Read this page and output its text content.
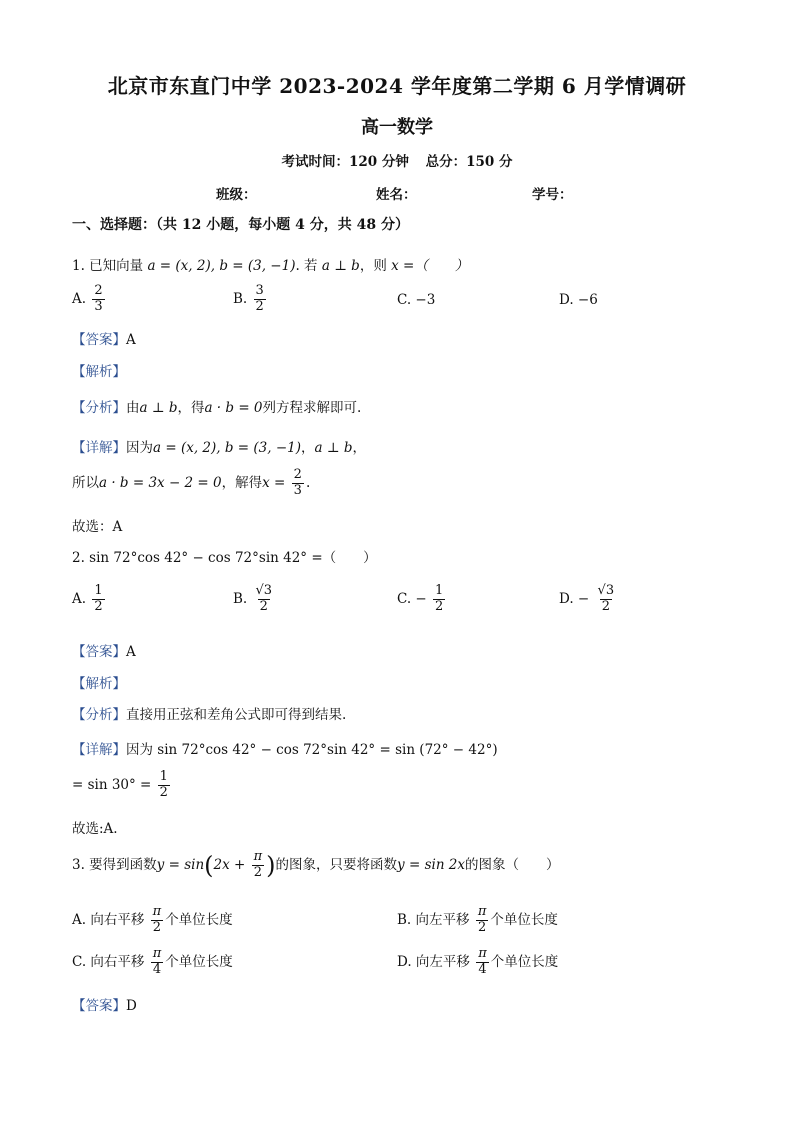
北京市东直门中学 2023-2024 学年度第二学期 6 月学情调研
高一数学
考试时间：120 分钟 总分：150 分
班级：	姓名：	学号：
一、选择题：（共 12 小题，每小题 4 分，共 48 分）
1. 已知向量 a = (x, 2), b = (3, −1). 若 a ⊥ b，则 x =（　　）
A. $\frac{2}{3}$	B. $\frac{3}{2}$	C. −3	D. −6
【答案】A
【解析】
【分析】由a ⊥ b，得a · b = 0列方程求解即可.
【详解】因为a = (x, 2), b = (3, −1)，a ⊥ b，
所以a · b = 3x − 2 = 0，解得$x = \frac{2}{3}$ .
故选：A
2. sin 72°cos 42° − cos 72°sin 42° =（　　）
A. $\frac{1}{2}$	B. $\frac{√3}{2}$	C. − $\frac{1}{2}$	D. − $\frac{√3}{2}$
【答案】A
【解析】
【分析】直接用正弦和差角公式即可得到结果.
【详解】因为 sin 72°cos 42° − cos 72°sin 42° = sin (72° − 42°)
= $\sin 30^\circ = \frac{1}{2}$
故选:A.
3. 要得到函数$y = \sin(2x + \frac{\pi}{2}$ )的图象，只要将函数y = sin 2x的图象（　　）
A. 向右平移 $\frac{\pi}{2}$ 个单位长度	B. 向左平移 $\frac{\pi}{2}$ 个单位长度
C. 向右平移 $\frac{\pi}{4}$ 个单位长度	D. 向左平移 $\frac{\pi}{4}$ 个单位长度
【答案】D
